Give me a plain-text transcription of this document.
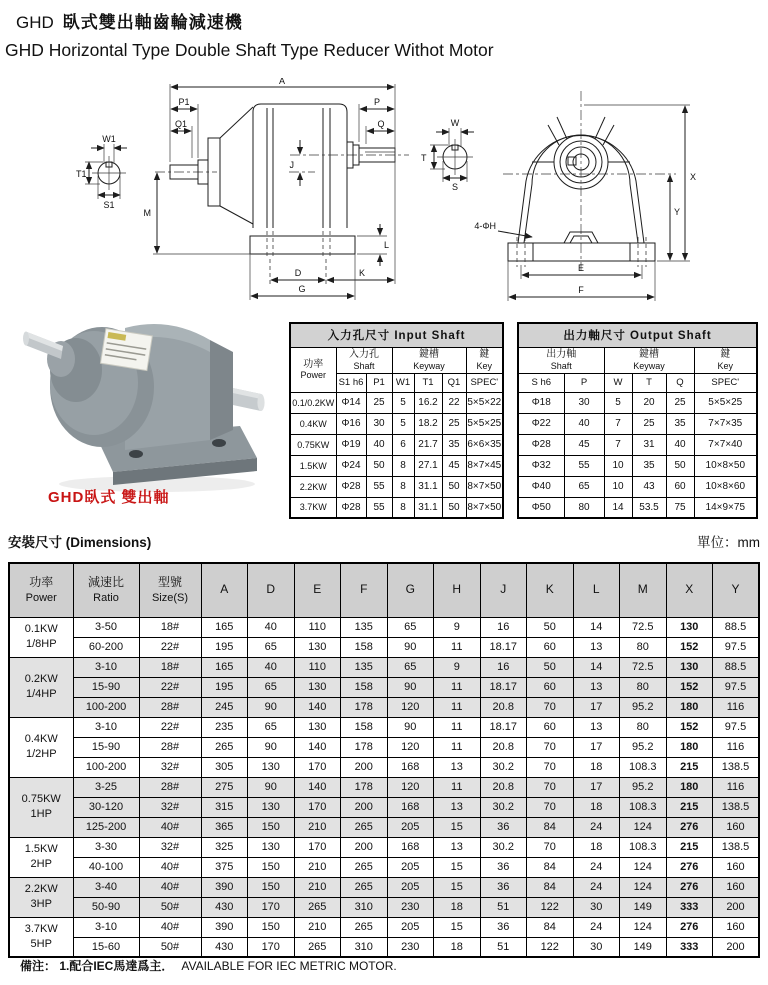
GHD 臥式雙出軸齒輪減速機
GHD Horizontal Type Double Shaft Type Reducer Withot Motor
W1
T1
S1
A
P1
Q1
P
Q
J
M
L
D	K
G
W
T
S
4-ΦH
X
Y
E
F
GHD臥式 雙出軸
入力孔尺寸 Input Shaft						

功率
Power

入力孔
Shaft

鍵槽
Keyway

鍵
Key

	S1 h6	P1	W1	T1	Q1	SPEC'
0.1/0.2KW	Φ14	25	5	16.2	22	5×5×22
0.4KW	Φ16	30	5	18.2	25	5×5×25
0.75KW	Φ19	40	6	21.7	35	6×6×35
1.5KW	Φ24	50	8	27.1	45	8×7×45
2.2KW	Φ28	55	8	31.1	50	8×7×50
3.7KW	Φ28	55	8	31.1	50	8×7×50
出力軸尺寸 Output Shaft					

出力軸
Shaft

鍵槽
Keyway

鍵
Key

S h6	P	W	T	Q	SPEC'
Φ18	30	5	20	25	5×5×25
Φ22	40	7	25	35	7×7×35
Φ28	45	7	31	40	7×7×40
Φ32	55	10	35	50	10×8×50
Φ40	65	10	43	60	10×8×60
Φ50	80	14	53.5	75	14×9×75
安裝尺寸 (Dimensions)	單位：mm
功率
Power

減速比
Ratio

型號
Size(S)
	A	D	E	F	G	H	J	K	L	M	X	Y

0.1KW
1/8HP	3-50	18#	165	40	110	135	65	9	16	50	14	72.5	130	88.5
	60-200	22#	195	65	130	158	90	11	18.17	60	13	80	152	97.5

0.2KW
1/4HP	3-10	18#	165	40	110	135	65	9	16	50	14	72.5	130	88.5
	15-90	22#	195	65	130	158	90	11	18.17	60	13	80	152	97.5
	100-200	28#	245	90	140	178	120	11	20.8	70	17	95.2	180	116

0.4KW
1/2HP	3-10	22#	235	65	130	158	90	11	18.17	60	13	80	152	97.5
	15-90	28#	265	90	140	178	120	11	20.8	70	17	95.2	180	116
	100-200	32#	305	130	170	200	168	13	30.2	70	18	108.3	215	138.5

0.75KW
1HP	3-25	28#	275	90	140	178	120	11	20.8	70	17	95.2	180	116
	30-120	32#	315	130	170	200	168	13	30.2	70	18	108.3	215	138.5
	125-200	40#	365	150	210	265	205	15	36	84	24	124	276	160

1.5KW
2HP	3-30	32#	325	130	170	200	168	13	30.2	70	18	108.3	215	138.5
	40-100	40#	375	150	210	265	205	15	36	84	24	124	276	160

2.2KW
3HP	3-40	40#	390	150	210	265	205	15	36	84	24	124	276	160
	50-90	50#	430	170	265	310	230	18	51	122	30	149	333	200

3.7KW
5HP	3-10	40#	390	150	210	265	205	15	36	84	24	124	276	160
	15-60	50#	430	170	265	310	230	18	51	122	30	149	333	200
備注： 1.配合IEC馬達爲主． AVAILABLE FOR IEC METRIC MOTOR.
